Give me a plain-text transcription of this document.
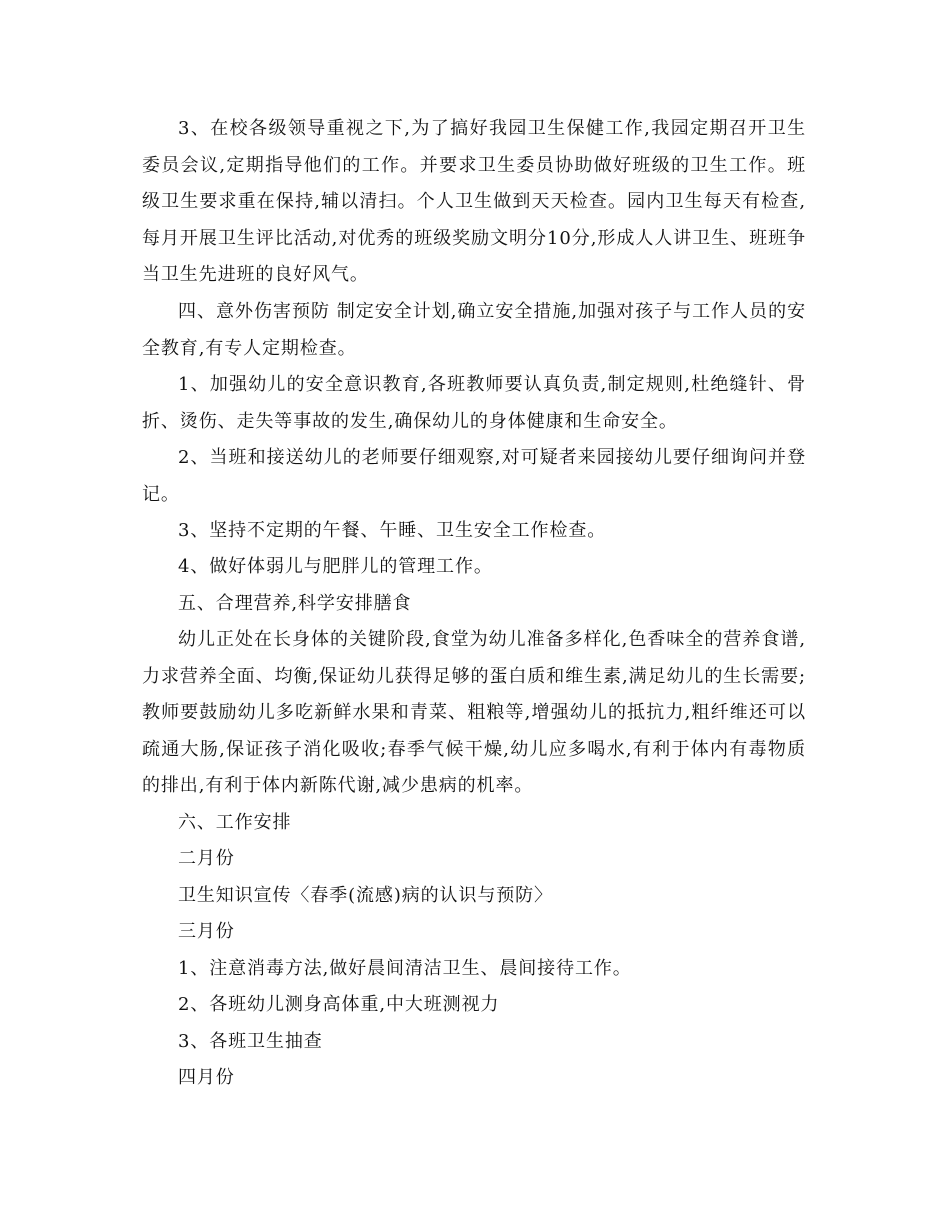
3、在校各级领导重视之下,为了搞好我园卫生保健工作,我园定期召开卫生委员会议,定期指导他们的工作。并要求卫生委员协助做好班级的卫生工作。班级卫生要求重在保持,辅以清扫。个人卫生做到天天检查。园内卫生每天有检查,每月开展卫生评比活动,对优秀的班级奖励文明分10分,形成人人讲卫生、班班争当卫生先进班的良好风气。

四、意外伤害预防 制定安全计划,确立安全措施,加强对孩子与工作人员的安全教育,有专人定期检查。

1、加强幼儿的安全意识教育,各班教师要认真负责,制定规则,杜绝缝针、骨折、烫伤、走失等事故的发生,确保幼儿的身体健康和生命安全。

2、当班和接送幼儿的老师要仔细观察,对可疑者来园接幼儿要仔细询问并登记。

3、坚持不定期的午餐、午睡、卫生安全工作检查。

4、做好体弱儿与肥胖儿的管理工作。

五、合理营养,科学安排膳食

幼儿正处在长身体的关键阶段,食堂为幼儿准备多样化,色香味全的营养食谱,力求营养全面、均衡,保证幼儿获得足够的蛋白质和维生素,满足幼儿的生长需要;教师要鼓励幼儿多吃新鲜水果和青菜、粗粮等,增强幼儿的抵抗力,粗纤维还可以疏通大肠,保证孩子消化吸收;春季气候干燥,幼儿应多喝水,有利于体内有毒物质的排出,有利于体内新陈代谢,减少患病的机率。

六、工作安排

二月份

卫生知识宣传〈春季(流感)病的认识与预防〉

三月份

1、注意消毒方法,做好晨间清洁卫生、晨间接待工作。

2、各班幼儿测身高体重,中大班测视力

3、各班卫生抽查

四月份
